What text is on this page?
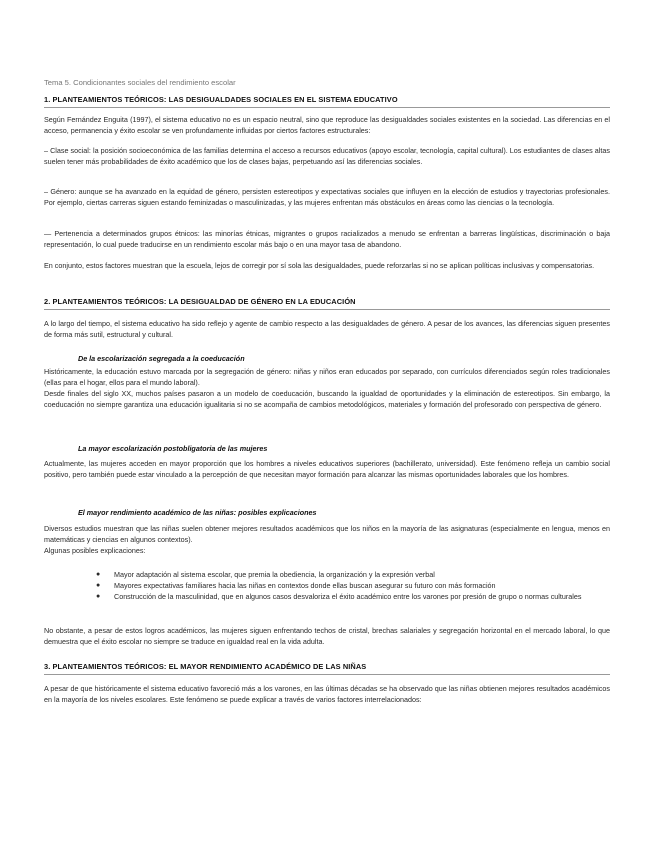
Tema 5. Condicionantes sociales del rendimiento escolar
1. PLANTEAMIENTOS TEÓRICOS: LAS DESIGUALDADES SOCIALES EN EL SISTEMA EDUCATIVO

Según Fernández Enguita (1997), el sistema educativo no es un espacio neutral, sino que reproduce las desigualdades sociales existentes en la sociedad. Las diferencias en el acceso, permanencia y éxito escolar se ven profundamente influidas por ciertos factores estructurales:

– Clase social: la posición socioeconómica de las familias determina el acceso a recursos educativos (apoyo escolar, tecnología, capital cultural). Los estudiantes de clases altas suelen tener más probabilidades de éxito académico que los de clases bajas, perpetuando así las diferencias sociales.

– Género: aunque se ha avanzado en la equidad de género, persisten estereotipos y expectativas sociales que influyen en la elección de estudios y trayectorias profesionales. Por ejemplo, ciertas carreras siguen estando feminizadas o masculinizadas, y las mujeres enfrentan más obstáculos en áreas como las ciencias o la tecnología.

— Pertenencia a determinados grupos étnicos: las minorías étnicas, migrantes o grupos racializados a menudo se enfrentan a barreras lingüísticas, discriminación o baja representación, lo cual puede traducirse en un rendimiento escolar más bajo o en una mayor tasa de abandono.

En conjunto, estos factores muestran que la escuela, lejos de corregir por sí sola las desigualdades, puede reforzarlas si no se aplican políticas inclusivas y compensatorias.

2. PLANTEAMIENTOS TEÓRICOS: LA DESIGUALDAD DE GÉNERO EN LA EDUCACIÓN

A lo largo del tiempo, el sistema educativo ha sido reflejo y agente de cambio respecto a las desigualdades de género. A pesar de los avances, las diferencias siguen presentes de forma más sutil, estructural y cultural.

De la escolarización segregada a la coeducación

Históricamente, la educación estuvo marcada por la segregación de género: niñas y niños eran educados por separado, con currículos diferenciados según roles tradicionales (ellas para el hogar, ellos para el mundo laboral).

Desde finales del siglo XX, muchos países pasaron a un modelo de coeducación, buscando la igualdad de oportunidades y la eliminación de estereotipos. Sin embargo, la coeducación no siempre garantiza una educación igualitaria si no se acompaña de cambios metodológicos, materiales y formación del profesorado con perspectiva de género.

La mayor escolarización postobligatoria de las mujeres

Actualmente, las mujeres acceden en mayor proporción que los hombres a niveles educativos superiores (bachillerato, universidad). Este fenómeno refleja un cambio social positivo, pero también puede estar vinculado a la percepción de que necesitan mayor formación para alcanzar las mismas oportunidades laborales que los hombres.

El mayor rendimiento académico de las niñas: posibles explicaciones

Diversos estudios muestran que las niñas suelen obtener mejores resultados académicos que los niños en la mayoría de las asignaturas (especialmente en lengua, menos en matemáticas y ciencias en algunos contextos).

Algunas posibles explicaciones:

● Mayor adaptación al sistema escolar, que premia la obediencia, la organización y la expresión verbal
● Mayores expectativas familiares hacia las niñas en contextos donde ellas buscan asegurar su futuro con más formación
● Construcción de la masculinidad, que en algunos casos desvaloriza el éxito académico entre los varones por presión de grupo o normas culturales

No obstante, a pesar de estos logros académicos, las mujeres siguen enfrentando techos de cristal, brechas salariales y segregación horizontal en el mercado laboral, lo que demuestra que el éxito escolar no siempre se traduce en igualdad real en la vida adulta.

3. PLANTEAMIENTOS TEÓRICOS: EL MAYOR RENDIMIENTO ACADÉMICO DE LAS NIÑAS

A pesar de que históricamente el sistema educativo favoreció más a los varones, en las últimas décadas se ha observado que las niñas obtienen mejores resultados académicos en la mayoría de los niveles escolares. Este fenómeno se puede explicar a través de varios factores interrelacionados:
